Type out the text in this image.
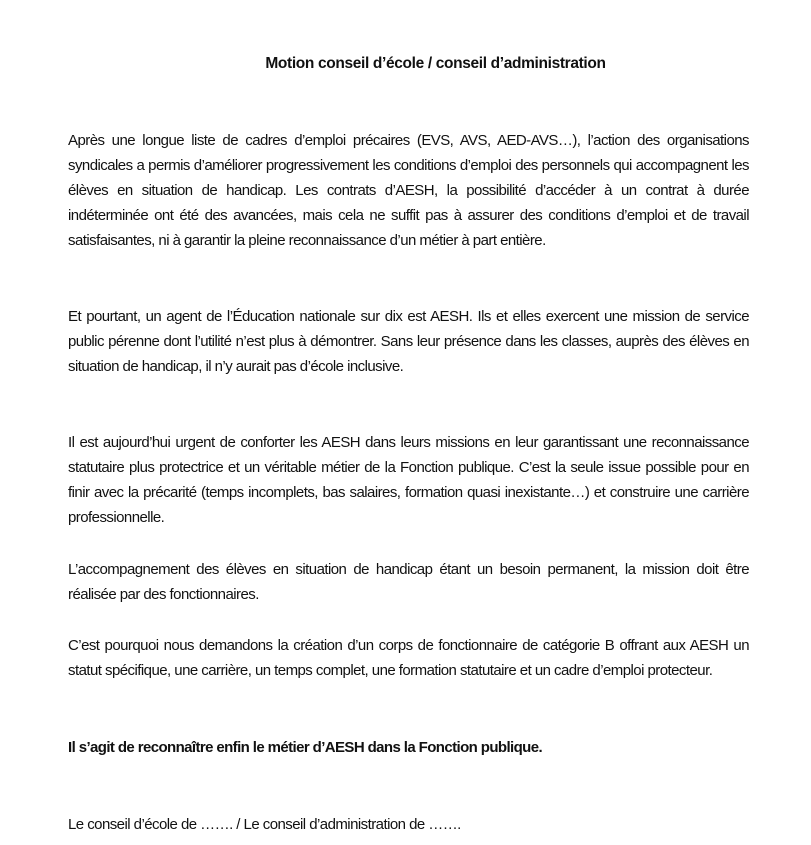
Motion conseil d’école / conseil d’administration

Après une longue liste de cadres d’emploi précaires (EVS, AVS, AED-AVS…), l’action des organisations syndicales a permis d’améliorer progressivement les conditions d’emploi des personnels qui accompagnent les élèves en situation de handicap. Les contrats d’AESH, la possibilité d’accéder à un contrat à durée indéterminée ont été des avancées, mais cela ne suffit pas à assurer des conditions d’emploi et de travail satisfaisantes, ni à garantir la pleine reconnaissance d’un métier à part entière.

Et pourtant, un agent de l’Éducation nationale sur dix est AESH. Ils et elles exercent une mission de service public pérenne dont l’utilité n’est plus à démontrer. Sans leur présence dans les classes, auprès des élèves en situation de handicap, il n’y aurait pas d’école inclusive.

Il est aujourd’hui urgent de conforter les AESH dans leurs missions en leur garantissant une reconnaissance statutaire plus protectrice et un véritable métier de la Fonction publique. C’est la seule issue possible pour en finir avec la précarité (temps incomplets, bas salaires, formation quasi inexistante…) et construire une carrière professionnelle.

L’accompagnement des élèves en situation de handicap étant un besoin permanent, la mission doit être réalisée par des fonctionnaires.

C’est pourquoi nous demandons la création d’un corps de fonctionnaire de catégorie B offrant aux AESH un statut spécifique, une carrière, un temps complet, une formation statutaire et un cadre d’emploi protecteur.

Il s’agit de reconnaître enfin le métier d’AESH dans la Fonction publique.

Le conseil d’école de ……. / Le conseil d’administration de …….
